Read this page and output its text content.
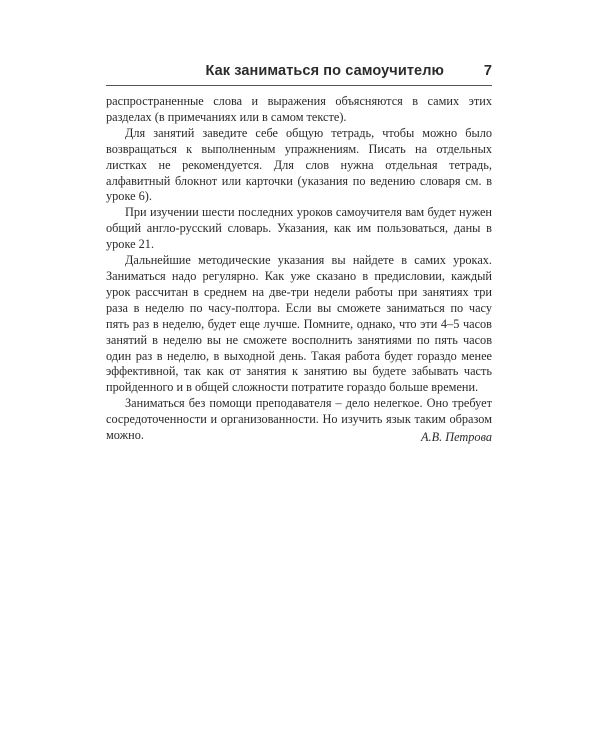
Как заниматься по самоучителю	7

распространенные слова и выражения объясняются в самих этих разделах (в примечаниях или в самом тексте).

Для занятий заведите себе общую тетрадь, чтобы можно было возвращаться к выполненным упражнениям. Писать на отдельных листках не рекомендуется. Для слов нужна отдельная тетрадь, алфавитный блокнот или карточки (указания по ведению словаря см. в уроке 6).

При изучении шести последних уроков самоучителя вам будет нужен общий англо-русский словарь. Указания, как им пользоваться, даны в уроке 21.

Дальнейшие методические указания вы найдете в самих уроках. Заниматься надо регулярно. Как уже сказано в предисловии, каждый урок рассчитан в среднем на две-три недели работы при занятиях три раза в неделю по часу-полтора. Если вы сможете заниматься по часу пять раз в неделю, будет еще лучше. Помните, однако, что эти 4–5 часов занятий в неделю вы не сможете восполнить занятиями по пять часов один раз в неделю, в выходной день. Такая работа будет гораздо менее эффективной, так как от занятия к занятию вы будете забывать часть пройденного и в общей сложности потратите гораздо больше времени.

Заниматься без помощи преподавателя – дело нелегкое. Оно требует сосредоточенности и организованности. Но изучить язык таким образом можно.	А.В. Петрова
